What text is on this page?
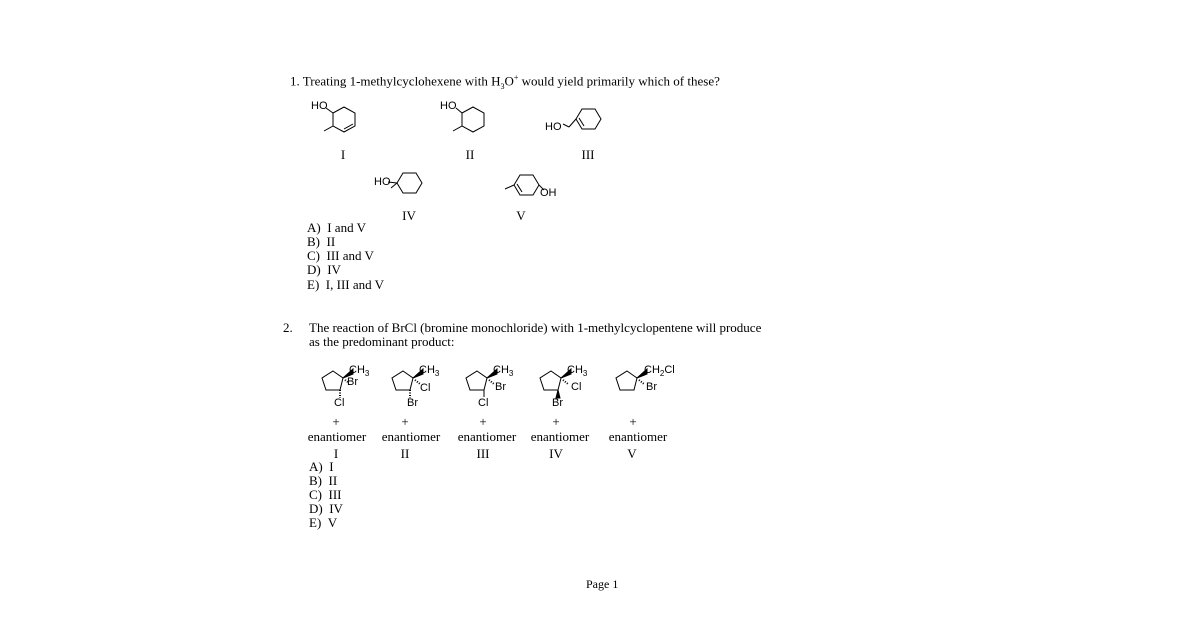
1. Treating 1-methylcyclohexene with $H_3O^+$ would yield primarily which of these?
HO
I
HO
II
HO
III
HO
IV
OH
V
A) I and V
B) II
C) III and V
D) IV
E) I, III and V
2. The reaction of BrCl (bromine monochloride) with 1-methylcyclopentene will produce
as the predominant product:
$CH_3$
Br
Cl
$CH_3$
Cl
Br
$CH_3$
Br
Cl
$CH_3$
Cl
Br
$CH_2Cl$
Br
+	+	+	+	+
enantiomer enantiomer enantiomer enantiomer enantiomer
I	II	III	IV	V
A) I
B) II
C) III
D) IV
E) V
Page 1
